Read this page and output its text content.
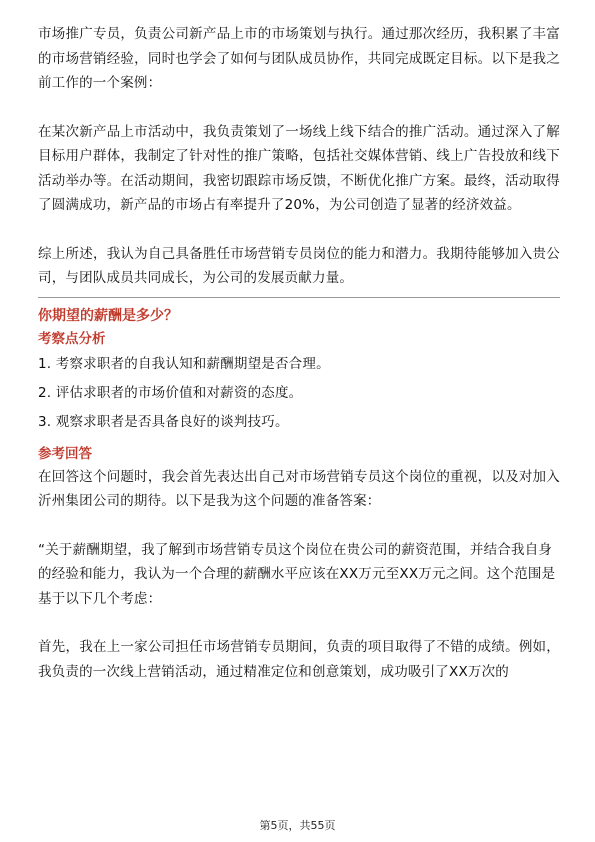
市场推广专员，负责公司新产品上市的市场策划与执行。通过那次经历，我积累了丰富的市场营销经验，同时也学会了如何与团队成员协作，共同完成既定目标。以下是我之前工作的一个案例：

在某次新产品上市活动中，我负责策划了一场线上线下结合的推广活动。通过深入了解目标用户群体，我制定了针对性的推广策略，包括社交媒体营销、线上广告投放和线下活动举办等。在活动期间，我密切跟踪市场反馈，不断优化推广方案。最终，活动取得了圆满成功，新产品的市场占有率提升了20%，为公司创造了显著的经济效益。

综上所述，我认为自己具备胜任市场营销专员岗位的能力和潜力。我期待能够加入贵公司，与团队成员共同成长，为公司的发展贡献力量。

你期望的薪酬是多少？

考察点分析

1. 考察求职者的自我认知和薪酬期望是否合理。

2. 评估求职者的市场价值和对薪资的态度。

3. 观察求职者是否具备良好的谈判技巧。

参考回答

在回答这个问题时，我会首先表达出自己对市场营销专员这个岗位的重视，以及对加入沂州集团公司的期待。以下是我为这个问题的准备答案：

“关于薪酬期望，我了解到市场营销专员这个岗位在贵公司的薪资范围，并结合我自身的经验和能力，我认为一个合理的薪酬水平应该在XX万元至XX万元之间。这个范围是基于以下几个考虑：

首先，我在上一家公司担任市场营销专员期间，负责的项目取得了不错的成绩。例如，我负责的一次线上营销活动，通过精准定位和创意策划，成功吸引了XX万次的

第5页，共55页
